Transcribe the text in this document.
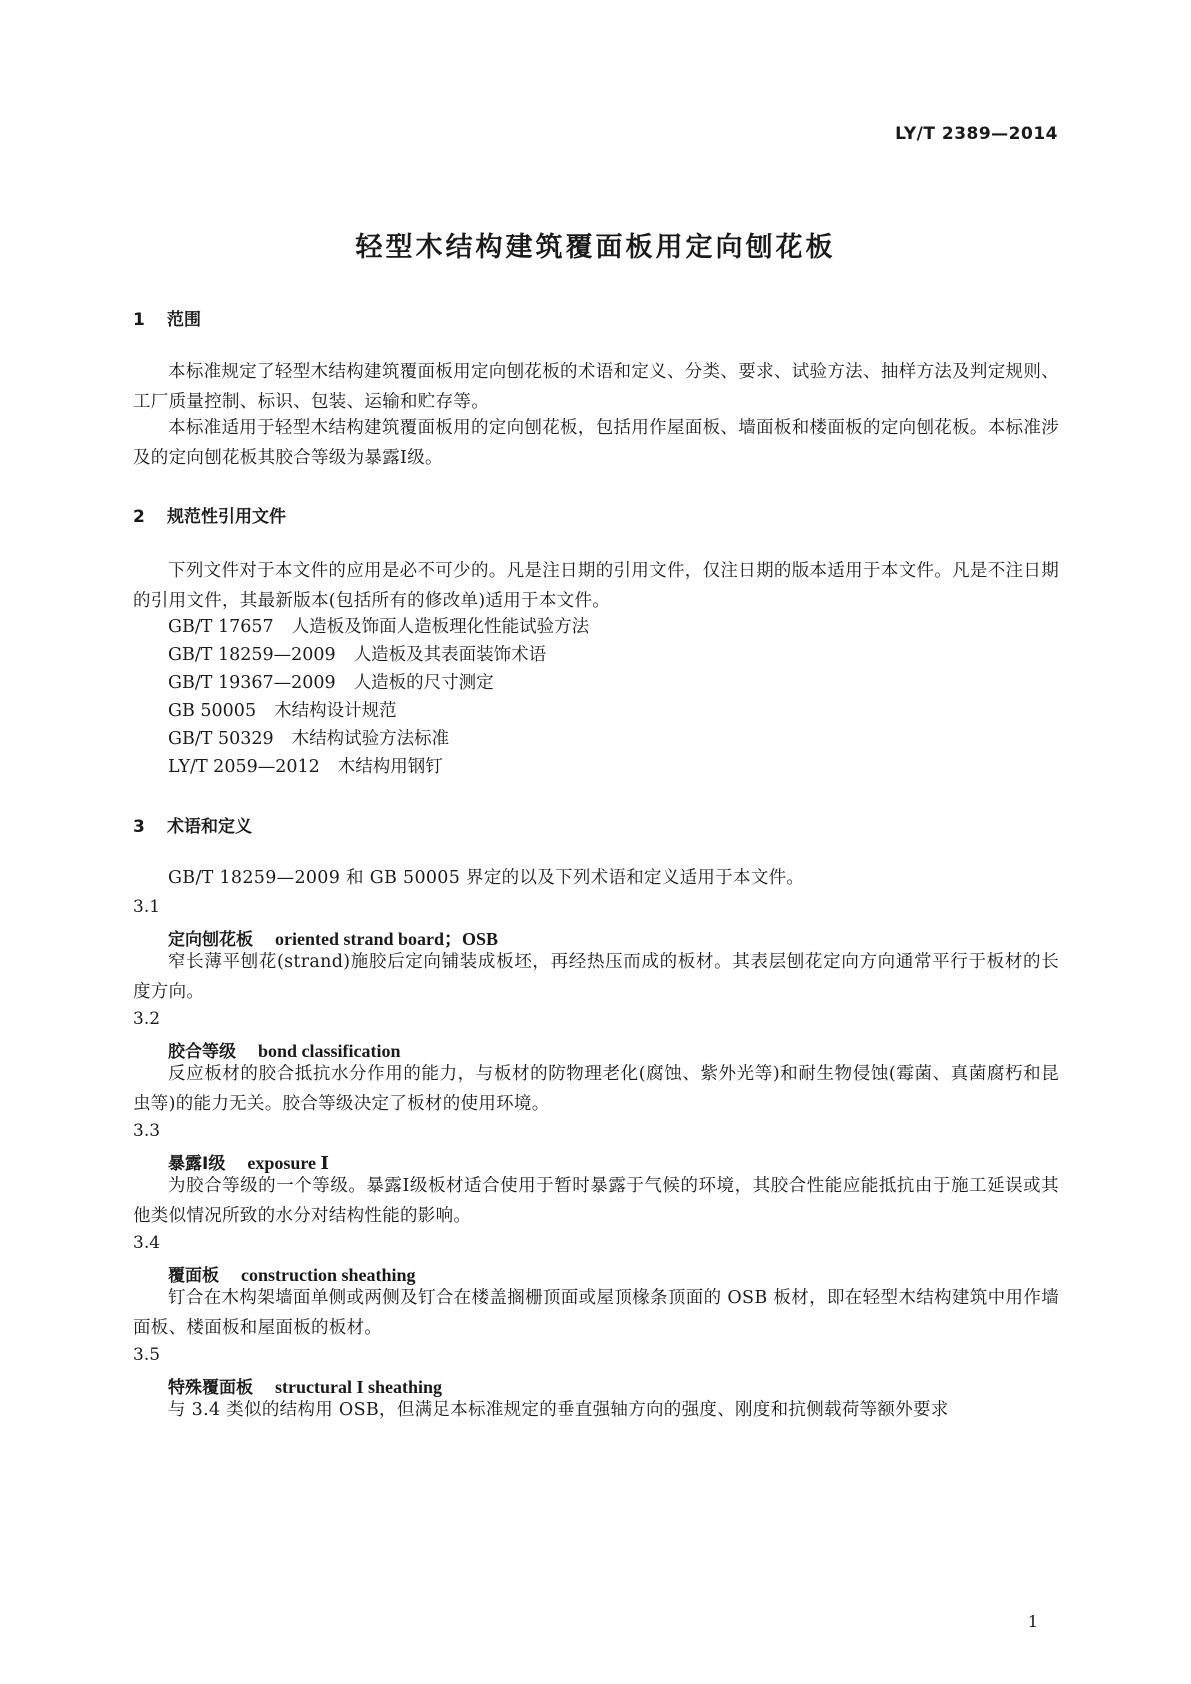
LY/T 2389—2014

轻型木结构建筑覆面板用定向刨花板
1 范围

本标准规定了轻型木结构建筑覆面板用定向刨花板的术语和定义、分类、要求、试验方法、抽样方法及判定规则、工厂质量控制、标识、包装、运输和贮存等。

本标准适用于轻型木结构建筑覆面板用的定向刨花板，包括用作屋面板、墙面板和楼面板的定向刨花板。本标准涉及的定向刨花板其胶合等级为暴露Ⅰ级。

2 规范性引用文件

下列文件对于本文件的应用是必不可少的。凡是注日期的引用文件，仅注日期的版本适用于本文件。凡是不注日期的引用文件，其最新版本(包括所有的修改单)适用于本文件。

GB/T 17657 人造板及饰面人造板理化性能试验方法

GB/T 18259—2009 人造板及其表面装饰术语

GB/T 19367—2009 人造板的尺寸测定

GB 50005 木结构设计规范

GB/T 50329 木结构试验方法标准

LY/T 2059—2012 木结构用钢钉

3 术语和定义

GB/T 18259—2009 和 GB 50005 界定的以及下列术语和定义适用于本文件。

3.1

定向刨花板 oriented strand board；OSB

窄长薄平刨花(strand)施胶后定向铺装成板坯，再经热压而成的板材。其表层刨花定向方向通常平行于板材的长度方向。

3.2

胶合等级 bond classification

反应板材的胶合抵抗水分作用的能力，与板材的防物理老化(腐蚀、紫外光等)和耐生物侵蚀(霉菌、真菌腐朽和昆虫等)的能力无关。胶合等级决定了板材的使用环境。

3.3

暴露Ⅰ级 exposure Ⅰ

为胶合等级的一个等级。暴露Ⅰ级板材适合使用于暂时暴露于气候的环境，其胶合性能应能抵抗由于施工延误或其他类似情况所致的水分对结构性能的影响。

3.4

覆面板 construction sheathing

钉合在木构架墙面单侧或两侧及钉合在楼盖搁栅顶面或屋顶椽条顶面的 OSB 板材，即在轻型木结构建筑中用作墙面板、楼面板和屋面板的板材。

3.5

特殊覆面板 structural I sheathing

与 3.4 类似的结构用 OSB，但满足本标准规定的垂直强轴方向的强度、刚度和抗侧载荷等额外要求

1
